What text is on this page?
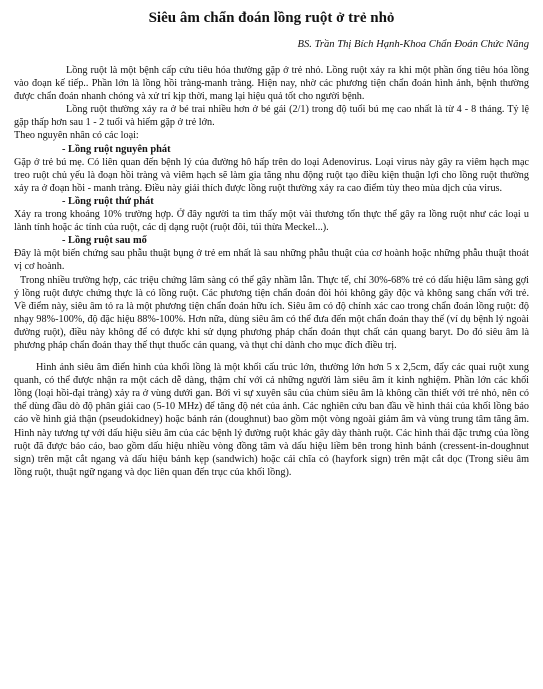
Siêu âm chẩn đoán lồng ruột ở trẻ nhỏ
BS. Trần Thị Bích Hạnh-Khoa Chẩn Đoán Chức Năng

Lồng ruột là một bệnh cấp cứu tiêu hóa thường gặp ở trẻ nhỏ. Lồng ruột xảy ra khi một phần ống tiêu hóa lồng vào đoạn kế tiếp.. Phần lớn là lồng hồi tràng-manh tràng. Hiện nay, nhờ các phương tiện chẩn đoán hình ảnh, bệnh thường được chẩn đoán nhanh chóng và xử trí kịp thời, mang lại hiệu quả tốt cho người bệnh.

Lồng ruột thường xảy ra ở bé trai nhiều hơn ở bé gái (2/1) trong độ tuổi bú mẹ cao nhất là từ 4 - 8 tháng. Tỷ lệ gặp thấp hơn sau 1 - 2 tuổi và hiếm gặp ở trẻ lớn.

Theo nguyên nhân có các loại:

- Lồng ruột nguyên phát

Gặp ở trẻ bú mẹ. Có liên quan đến bệnh lý của đường hô hấp trên do loại Adenovirus. Loại virus này gây ra viêm hạch mạc treo ruột chủ yếu là đoạn hồi tràng và viêm hạch sẽ làm gia tăng nhu động ruột tạo điều kiện thuận lợi cho lồng ruột thường xảy ra ở đoạn hồi - manh tràng. Điều này giải thích được lồng ruột thường xảy ra cao điểm tùy theo mùa dịch của virus.

- Lồng ruột thứ phát

Xảy ra trong khoảng 10% trường hợp. Ở đây người ta tìm thấy một vài thương tổn thực thể gây ra lồng ruột như các loại u lành tính hoặc ác tính của ruột, các dị dạng ruột (ruột đôi, túi thừa Meckel...).

- Lồng ruột sau mổ

Đây là một biến chứng sau phẫu thuật bụng ở trẻ em nhất là sau những phẫu thuật của cơ hoành hoặc những phẫu thuật thoát vị cơ hoành.

Trong nhiều trường hợp, các triệu chứng lâm sàng có thể gây nhầm lẫn. Thực tế, chỉ 30%-68% trẻ có dấu hiệu lâm sàng gợi ý lồng ruột được chứng thực là có lồng ruột. Các phương tiện chẩn đoán đòi hỏi không gây độc và không sang chấn với trẻ. Về điểm này, siêu âm tỏ ra là một phương tiện chẩn đoán hữu ích. Siêu âm có độ chính xác cao trong chẩn đoán lồng ruột: độ nhạy 98%-100%, độ đặc hiệu 88%-100%. Hơn nữa, dùng siêu âm có thể đưa đến một chẩn đoán thay thế (ví dụ bệnh lý ngoài đường ruột), điều này không để có được khi sử dụng phương pháp chẩn đoán thụt chất cản quang baryt. Do đó siêu âm là phương pháp chẩn đoán thay thế thụt thuốc cản quang, và thụt chỉ dành cho mục đích điều trị.

Hình ảnh siêu âm điển hình của khối lồng là một khối cấu trúc lớn, thường lớn hơn 5 x 2,5cm, đẩy các quai ruột xung quanh, có thể được nhận ra một cách dễ dàng, thậm chí với cả những người làm siêu âm ít kinh nghiệm. Phần lớn các khối lồng (loại hồi-đại tràng) xảy ra ở vùng dưới gan. Bởi vì sự xuyên sâu của chùm siêu âm là không cần thiết với trẻ nhỏ, nên có thể dùng đầu dò độ phân giải cao (5-10 MHz) để tăng độ nét của ảnh. Các nghiên cứu ban đầu về hình thái của khối lồng báo cáo về hình giả thận (pseudokidney) hoặc bánh rán (doughnut) bao gồm một vòng ngoài giảm âm và vùng trung tâm tăng âm. Hình này tương tự với dấu hiệu siêu âm của các bệnh lý đường ruột khác gây dày thành ruột. Các hình thái đặc trưng của lồng ruột đã được báo cáo, bao gồm dấu hiệu nhiều vòng đồng tâm và dấu hiệu liềm bên trong hình bánh (cressent-in-doughnut sign) trên mặt cắt ngang và dấu hiệu bánh kẹp (sandwich) hoặc cái chĩa cỏ (hayfork sign) trên mặt cắt dọc (Trong siêu âm lồng ruột, thuật ngữ ngang và dọc liên quan đến trục của khối lồng).
